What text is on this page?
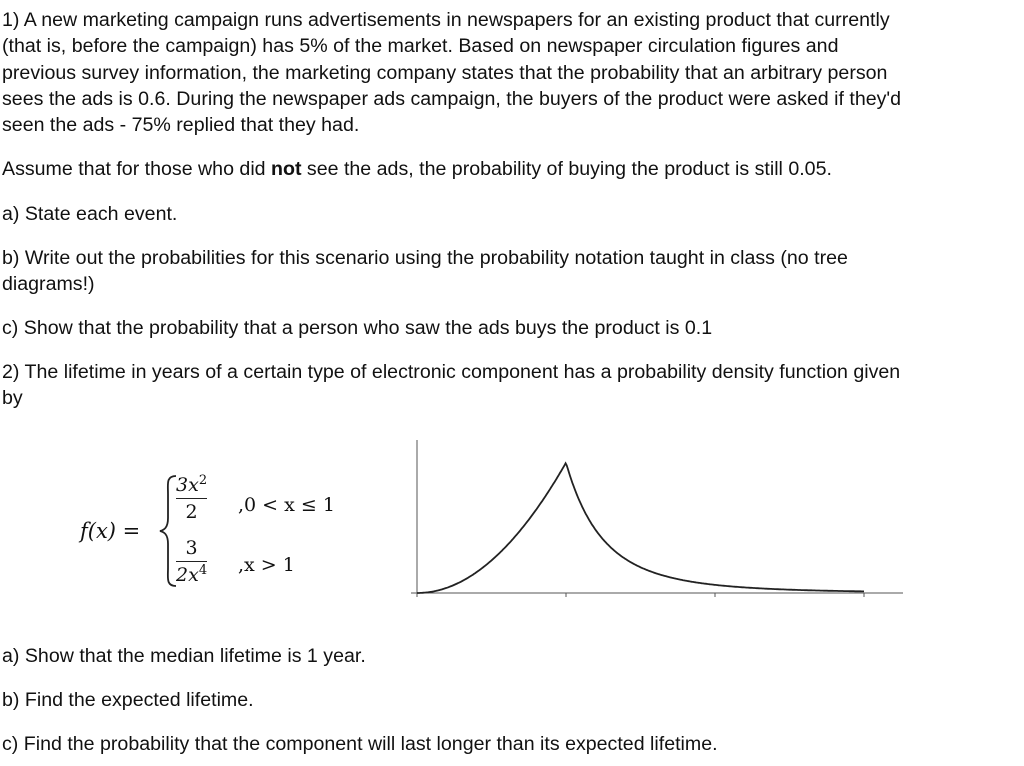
1) A new marketing campaign runs advertisements in newspapers for an existing product that currently
(that is, before the campaign) has 5% of the market. Based on newspaper circulation figures and
previous survey information, the marketing company states that the probability that an arbitrary person
sees the ads is 0.6. During the newspaper ads campaign, the buyers of the product were asked if they'd
seen the ads - 75% replied that they had.
Assume that for those who did not see the ads, the probability of buying the product is still 0.05.
a) State each event.
b) Write out the probabilities for this scenario using the probability notation taught in class (no tree
diagrams!)
c) Show that the probability that a person who saw the ads buys the product is 0.1
2) The lifetime in years of a certain type of electronic component has a probability density function given
by
f(x) =
$3x^2$
2 ,0 < x ≤ 1
3
$2x^4$ ,x > 1
a) Show that the median lifetime is 1 year.
b) Find the expected lifetime.
c) Find the probability that the component will last longer than its expected lifetime.
